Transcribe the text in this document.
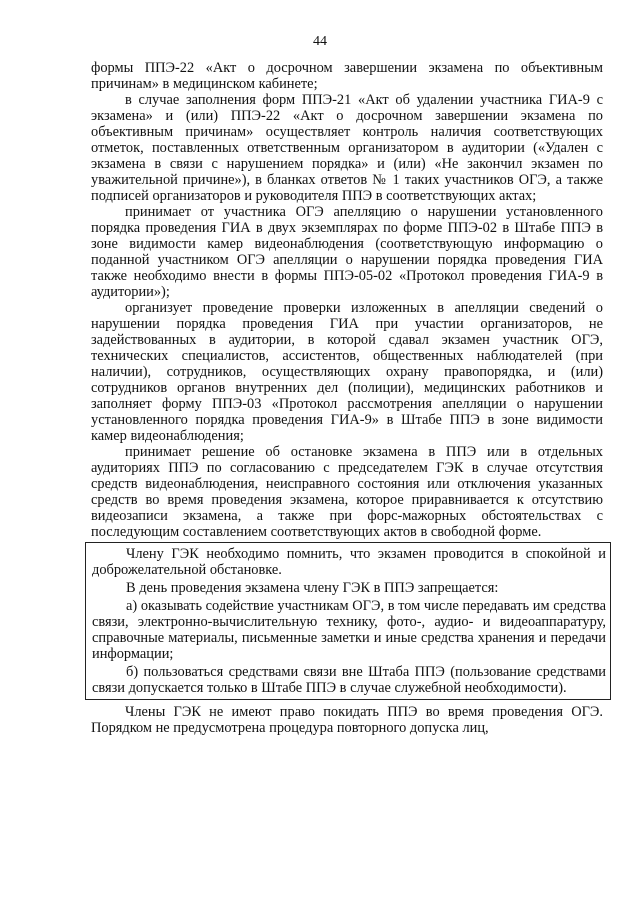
44

формы ППЭ-22 «Акт о досрочном завершении экзамена по объективным причинам» в медицинском кабинете;

в случае заполнения форм ППЭ-21 «Акт об удалении участника ГИА-9 с экзамена» и (или) ППЭ-22 «Акт о досрочном завершении экзамена по объективным причинам» осуществляет контроль наличия соответствующих отметок, поставленных ответственным организатором в аудитории («Удален с экзамена в связи с нарушением порядка» и (или) «Не закончил экзамен по уважительной причине»), в бланках ответов № 1 таких участников ОГЭ, а также подписей организаторов и руководителя ППЭ в соответствующих актах;

принимает от участника ОГЭ апелляцию о нарушении установленного порядка проведения ГИА в двух экземплярах по форме ППЭ-02 в Штабе ППЭ в зоне видимости камер видеонаблюдения (соответствующую информацию о поданной участником ОГЭ апелляции о нарушении порядка проведения ГИА также необходимо внести в формы ППЭ-05-02 «Протокол проведения ГИА-9 в аудитории»);

организует проведение проверки изложенных в апелляции сведений о нарушении порядка проведения ГИА при участии организаторов, не задействованных в аудитории, в которой сдавал экзамен участник ОГЭ, технических специалистов, ассистентов, общественных наблюдателей (при наличии), сотрудников, осуществляющих охрану правопорядка, и (или) сотрудников органов внутренних дел (полиции), медицинских работников и заполняет форму ППЭ-03 «Протокол рассмотрения апелляции о нарушении установленного порядка проведения ГИА-9» в Штабе ППЭ в зоне видимости камер видеонаблюдения;

принимает решение об остановке экзамена в ППЭ или в отдельных аудиториях ППЭ по согласованию с председателем ГЭК в случае отсутствия средств видеонаблюдения, неисправного состояния или отключения указанных средств во время проведения экзамена, которое приравнивается к отсутствию видеозаписи экзамена, а также при форс-мажорных обстоятельствах с последующим составлением соответствующих актов в свободной форме.

Члену ГЭК необходимо помнить, что экзамен проводится в спокойной и доброжелательной обстановке.

В день проведения экзамена члену ГЭК в ППЭ запрещается:

а) оказывать содействие участникам ОГЭ, в том числе передавать им средства связи, электронно-вычислительную технику, фото-, аудио- и видеоаппаратуру, справочные материалы, письменные заметки и иные средства хранения и передачи информации;

б) пользоваться средствами связи вне Штаба ППЭ (пользование средствами связи допускается только в Штабе ППЭ в случае служебной необходимости).

Члены ГЭК не имеют право покидать ППЭ во время проведения ОГЭ. Порядком не предусмотрена процедура повторного допуска лиц,
